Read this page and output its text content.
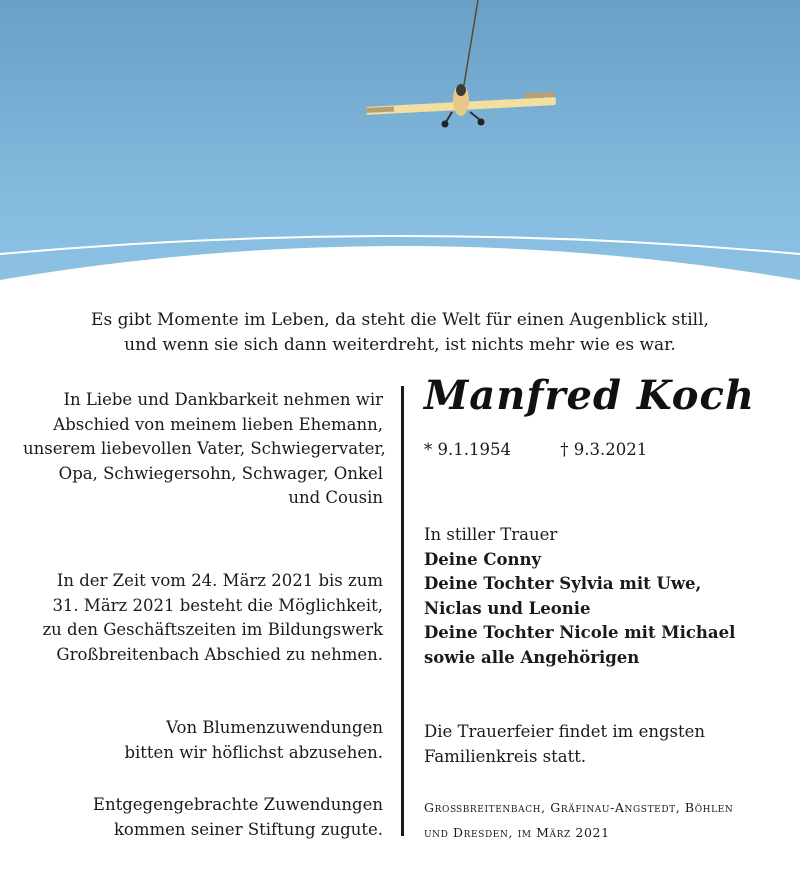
Es gibt Momente im Leben, da steht die Welt für einen Augenblick still,
und wenn sie sich dann weiterdreht, ist nichts mehr wie es war.
In Liebe und Dankbarkeit nehmen wir
Abschied von meinem lieben Ehemann,
unserem liebevollen Vater, Schwiegervater,
Opa, Schwiegersohn, Schwager, Onkel
und Cousin
In der Zeit vom 24. März 2021 bis zum
31. März 2021 besteht die Möglichkeit,
zu den Geschäftszeiten im Bildungswerk
Großbreitenbach Abschied zu nehmen.
Von Blumenzuwendungen
bitten wir höflichst abzusehen.
Entgegengebrachte Zuwendungen
kommen seiner Stiftung zugute.
Manfred Koch
* 9.1.1954	† 9.3.2021
In stiller Trauer
Deine Conny
Deine Tochter Sylvia mit Uwe,
Niclas und Leonie
Deine Tochter Nicole mit Michael
sowie alle Angehörigen
Die Trauerfeier findet im engsten
Familienkreis statt.
Großbreitenbach, Gräfinau-Angstedt, Böhlen
und Dresden, im März 2021
